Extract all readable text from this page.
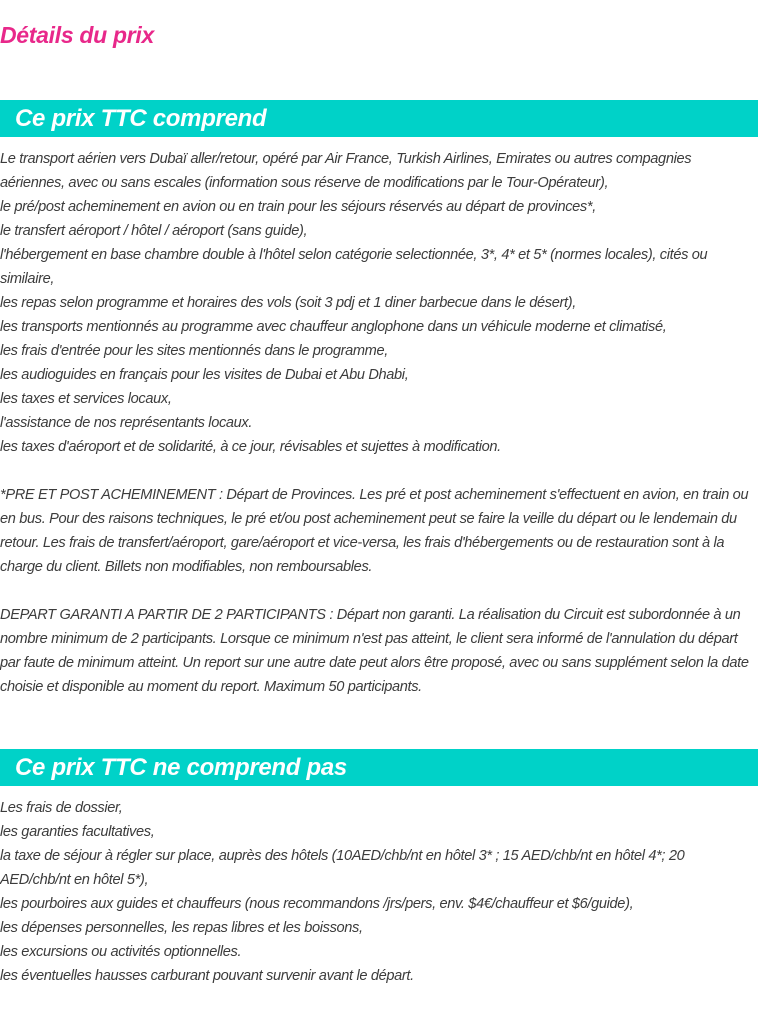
Détails du prix
Ce prix TTC comprend

Le transport aérien vers Dubaï aller/retour, opéré par Air France, Turkish Airlines, Emirates ou autres compagnies aériennes, avec ou sans escales (information sous réserve de modifications par le Tour-Opérateur),
le pré/post acheminement en avion ou en train pour les séjours réservés au départ de provinces*,
le transfert aéroport / hôtel / aéroport (sans guide),
l'hébergement en base chambre double à l'hôtel selon catégorie selectionnée, 3*, 4* et 5* (normes locales), cités ou similaire,
les repas selon programme et horaires des vols (soit 3 pdj et 1 diner barbecue dans le désert),
les transports mentionnés au programme avec chauffeur anglophone dans un véhicule moderne et climatisé,
les frais d'entrée pour les sites mentionnés dans le programme,
les audioguides en français pour les visites de Dubai et Abu Dhabi,
les taxes et services locaux,
l'assistance de nos représentants locaux.
les taxes d'aéroport et de solidarité, à ce jour, révisables et sujettes à modification.

*PRE ET POST ACHEMINEMENT : Départ de Provinces. Les pré et post acheminement s'effectuent en avion, en train ou en bus. Pour des raisons techniques, le pré et/ou post acheminement peut se faire la veille du départ ou le lendemain du retour. Les frais de transfert/aéroport, gare/aéroport et vice-versa, les frais d'hébergements ou de restauration sont à la charge du client. Billets non modifiables, non remboursables.

DEPART GARANTI A PARTIR DE 2 PARTICIPANTS : Départ non garanti. La réalisation du Circuit est subordonnée à un nombre minimum de 2 participants. Lorsque ce minimum n'est pas atteint, le client sera informé de l'annulation du départ par faute de minimum atteint. Un report sur une autre date peut alors être proposé, avec ou sans supplément selon la date choisie et disponible au moment du report. Maximum 50 participants.

Ce prix TTC ne comprend pas

Les frais de dossier,
les garanties facultatives,
la taxe de séjour à régler sur place, auprès des hôtels (10AED/chb/nt en hôtel 3* ; 15 AED/chb/nt en hôtel 4*; 20 AED/chb/nt en hôtel 5*),
les pourboires aux guides et chauffeurs (nous recommandons /jrs/pers, env. $4€/chauffeur et $6/guide),
les dépenses personnelles, les repas libres et les boissons,
les excursions ou activités optionnelles.
les éventuelles hausses carburant pouvant survenir avant le départ.
